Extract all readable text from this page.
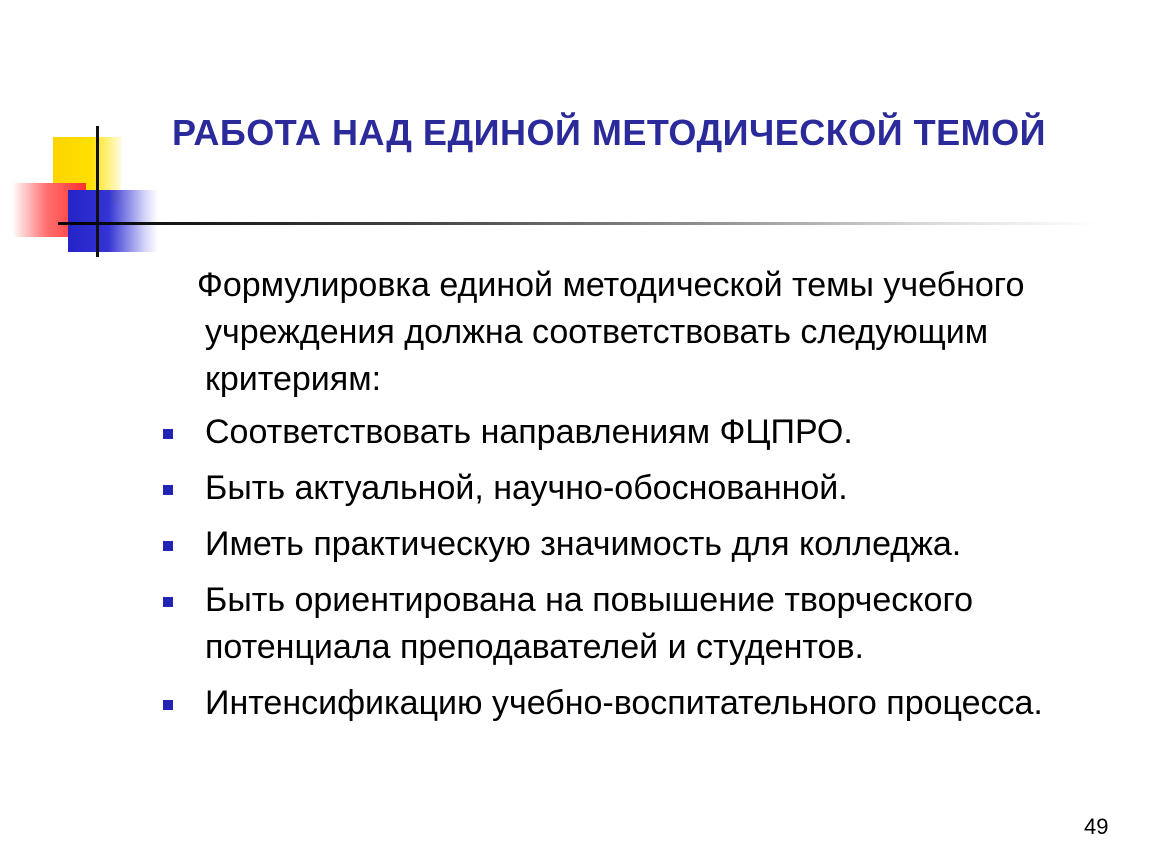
РАБОТА НАД ЕДИНОЙ МЕТОДИЧЕСКОЙ ТЕМОЙ
Формулировка единой методической темы учебного учреждения должна соответствовать следующим критериям:
Соответствовать направлениям ФЦПРО.
Быть актуальной, научно-обоснованной.
Иметь практическую значимость для колледжа.
Быть ориентирована на повышение творческого потенциала преподавателей и студентов.
Интенсификацию учебно-воспитательного процесса.
49
